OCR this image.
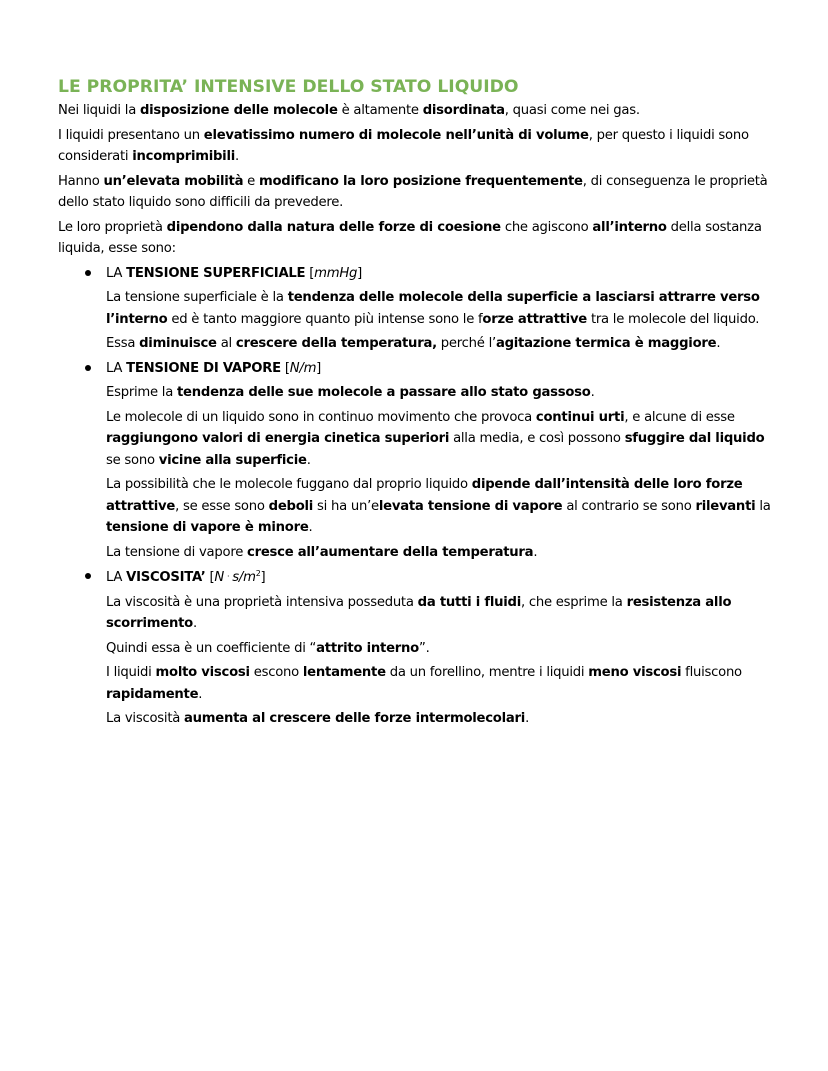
LE PROPRITA’ INTENSIVE DELLO STATO LIQUIDO

Nei liquidi la disposizione delle molecole è altamente disordinata, quasi come nei gas.

I liquidi presentano un elevatissimo numero di molecole nell’unità di volume, per questo i liquidi sono considerati incomprimibili.

Hanno un’elevata mobilità e modificano la loro posizione frequentemente, di conseguenza le proprietà dello stato liquido sono difficili da prevedere.

Le loro proprietà dipendono dalla natura delle forze di coesione che agiscono all’interno della sostanza liquida, esse sono:

LA TENSIONE SUPERFICIALE [mmHg]

La tensione superficiale è la tendenza delle molecole della superficie a lasciarsi attrarre verso l’interno ed è tanto maggiore quanto più intense sono le forze attrattive tra le molecole del liquido.

Essa diminuisce al crescere della temperatura, perché l’agitazione termica è maggiore.

LA TENSIONE DI VAPORE [N/m]

Esprime la tendenza delle sue molecole a passare allo stato gassoso.

Le molecole di un liquido sono in continuo movimento che provoca continui urti, e alcune di esse raggiungono valori di energia cinetica superiori alla media, e così possono sfuggire dal liquido se sono vicine alla superficie.

La possibilità che le molecole fuggano dal proprio liquido dipende dall’intensità delle loro forze attrattive, se esse sono deboli si ha un’elevata tensione di vapore al contrario se sono rilevanti la tensione di vapore è minore.

La tensione di vapore cresce all’aumentare della temperatura.

LA VISCOSITA’ $[N \cdot s/m^2]$

La viscosità è una proprietà intensiva posseduta da tutti i fluidi, che esprime la resistenza allo scorrimento.

Quindi essa è un coefficiente di “attrito interno”.

I liquidi molto viscosi escono lentamente da un forellino, mentre i liquidi meno viscosi fluiscono rapidamente.

La viscosità aumenta al crescere delle forze intermolecolari.
